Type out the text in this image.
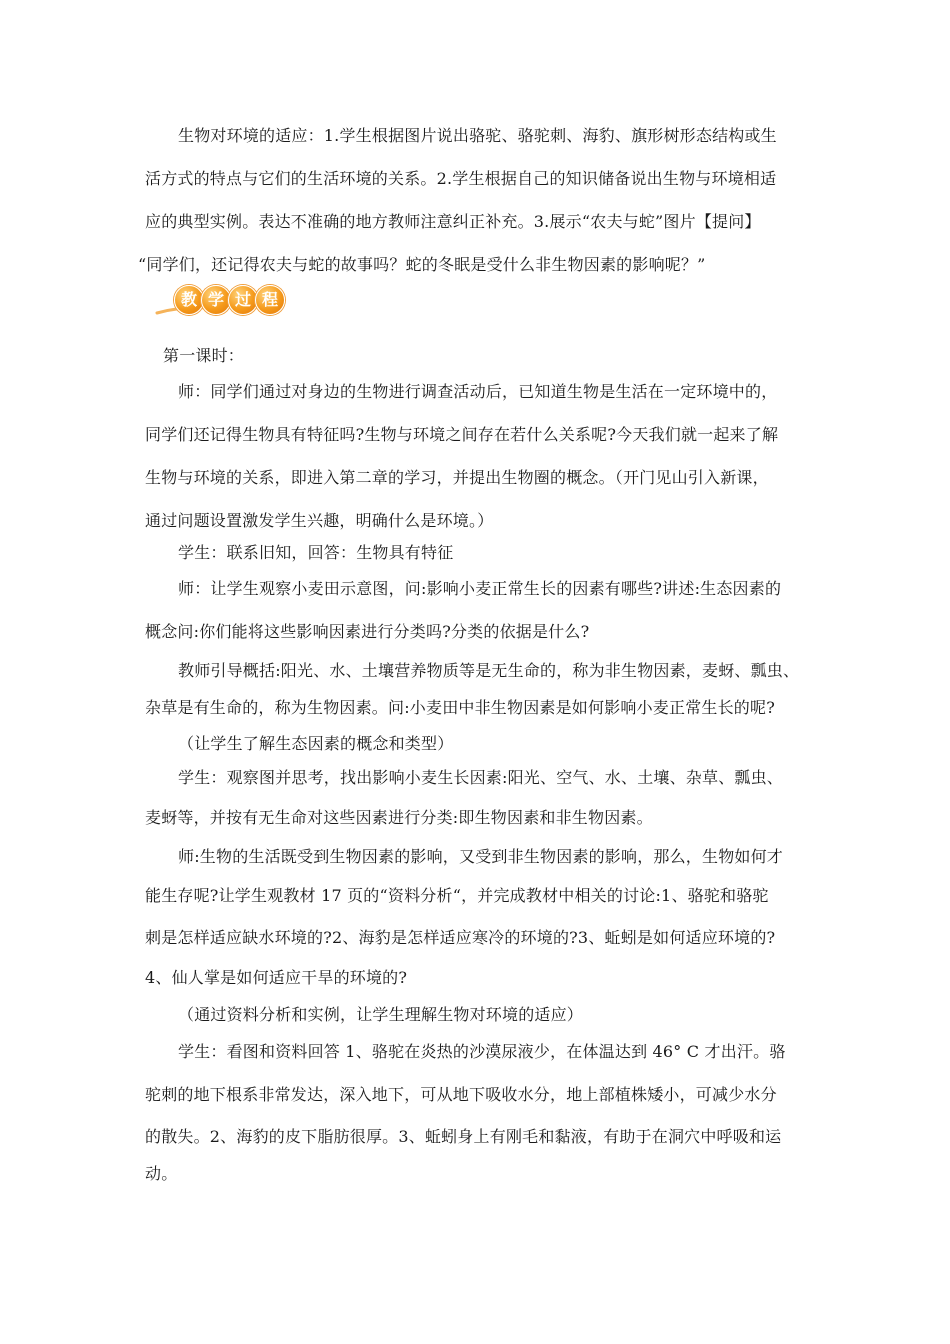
生物对环境的适应：1.学生根据图片说出骆驼、骆驼刺、海豹、旗形树形态结构或生
活方式的特点与它们的生活环境的关系。2.学生根据自己的知识储备说出生物与环境相适
应的典型实例。表达不准确的地方教师注意纠正补充。3.展示“农夫与蛇”图片【提问】
“同学们，还记得农夫与蛇的故事吗？蛇的冬眠是受什么非生物因素的影响呢？”
教 学 过 程
第一课时：
师：同学们通过对身边的生物进行调查活动后，已知道生物是生活在一定环境中的，
同学们还记得生物具有特征吗?生物与环境之间存在若什么关系呢?今天我们就一起来了解
生物与环境的关系，即进入第二章的学习，并提出生物圈的概念。（开门见山引入新课，
通过问题设置激发学生兴趣，明确什么是环境。）
学生：联系旧知，回答：生物具有特征
师：让学生观察小麦田示意图，问:影响小麦正常生长的因素有哪些?讲述:生态因素的
概念问:你们能将这些影响因素进行分类吗?分类的依据是什么?
教师引导概括:阳光、水、土壤营养物质等是无生命的，称为非生物因素，麦蚜、瓢虫、
杂草是有生命的，称为生物因素。问:小麦田中非生物因素是如何影响小麦正常生长的呢?
（让学生了解生态因素的概念和类型）
学生：观察图并思考，找出影响小麦生长因素:阳光、空气、水、土壤、杂草、瓢虫、
麦蚜等，并按有无生命对这些因素进行分类:即生物因素和非生物因素。
师:生物的生活既受到生物因素的影响，又受到非生物因素的影响，那么，生物如何才
能生存呢?让学生观教材 17 页的“资料分析“，并完成教材中相关的讨论:1、骆驼和骆驼
刺是怎样适应缺水环境的?2、海豹是怎样适应寒冷的环境的?3、蚯蚓是如何适应环境的?
4、仙人掌是如何适应干旱的环境的?
（通过资料分析和实例，让学生理解生物对环境的适应）
学生：看图和资料回答 1、骆驼在炎热的沙漠尿液少，在体温达到 46° C 才出汗。骆
驼刺的地下根系非常发达，深入地下，可从地下吸收水分，地上部植株矮小，可减少水分
的散失。2、海豹的皮下脂肪很厚。3、蚯蚓身上有刚毛和黏液，有助于在洞穴中呼吸和运
动。
